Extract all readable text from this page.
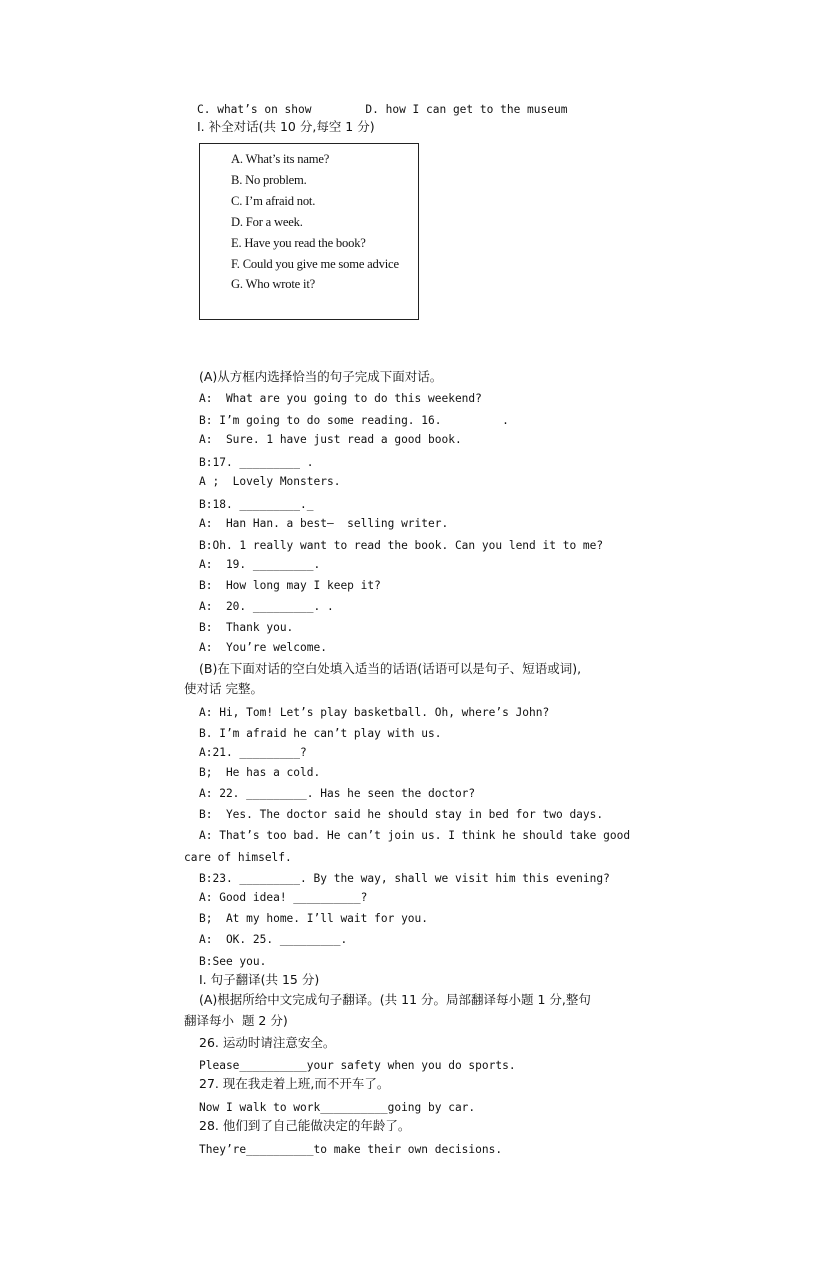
C. what’s on show        D. how I can get to the museum
I. 补全对话(共 10 分,每空 1 分)
A. What’s its name?
B. No problem.
C. I’m afraid not.
D. For a week.
E. Have you read the book?
F. Could you give me some advice
G. Who wrote it?
(A)从方框内选择恰当的句子完成下面对话。
A:  What are you going to do this weekend?
B: I’m going to do some reading. 16.         .
A:  Sure. 1 have just read a good book.
B:17. _________ .
A ;  Lovely Monsters.
B:18. _________._
A:  Han Han. a best—  selling writer.
B:Oh. 1 really want to read the book. Can you lend it to me?
A:  19. _________.
B:  How long may I keep it?
A:  20. _________. .
B:  Thank you.
A:  You’re welcome.
(B)在下面对话的空白处填入适当的话语(话语可以是句子、短语或词),
使对话 完整。
A: Hi, Tom! Let’s play basketball. Oh, where’s John?
B. I’m afraid he can’t play with us.
A:21. _________?
B;  He has a cold.
A: 22. _________. Has he seen the doctor?
B:  Yes. The doctor said he should stay in bed for two days.
A: That’s too bad. He can’t join us. I think he should take good
care of himself.
B:23. _________. By the way, shall we visit him this evening?
A: Good idea! __________?
B;  At my home. I’ll wait for you.
A:  OK. 25. _________.
B:See you.
I. 句子翻译(共 15 分)
(A)根据所给中文完成句子翻译。(共 11 分。局部翻译每小题 1 分,整句
翻译每小  题 2 分)
26. 运动时请注意安全。
Please__________your safety when you do sports.
27. 现在我走着上班,而不开车了。
Now I walk to work__________going by car.
28. 他们到了自己能做决定的年龄了。
They’re__________to make their own decisions.
